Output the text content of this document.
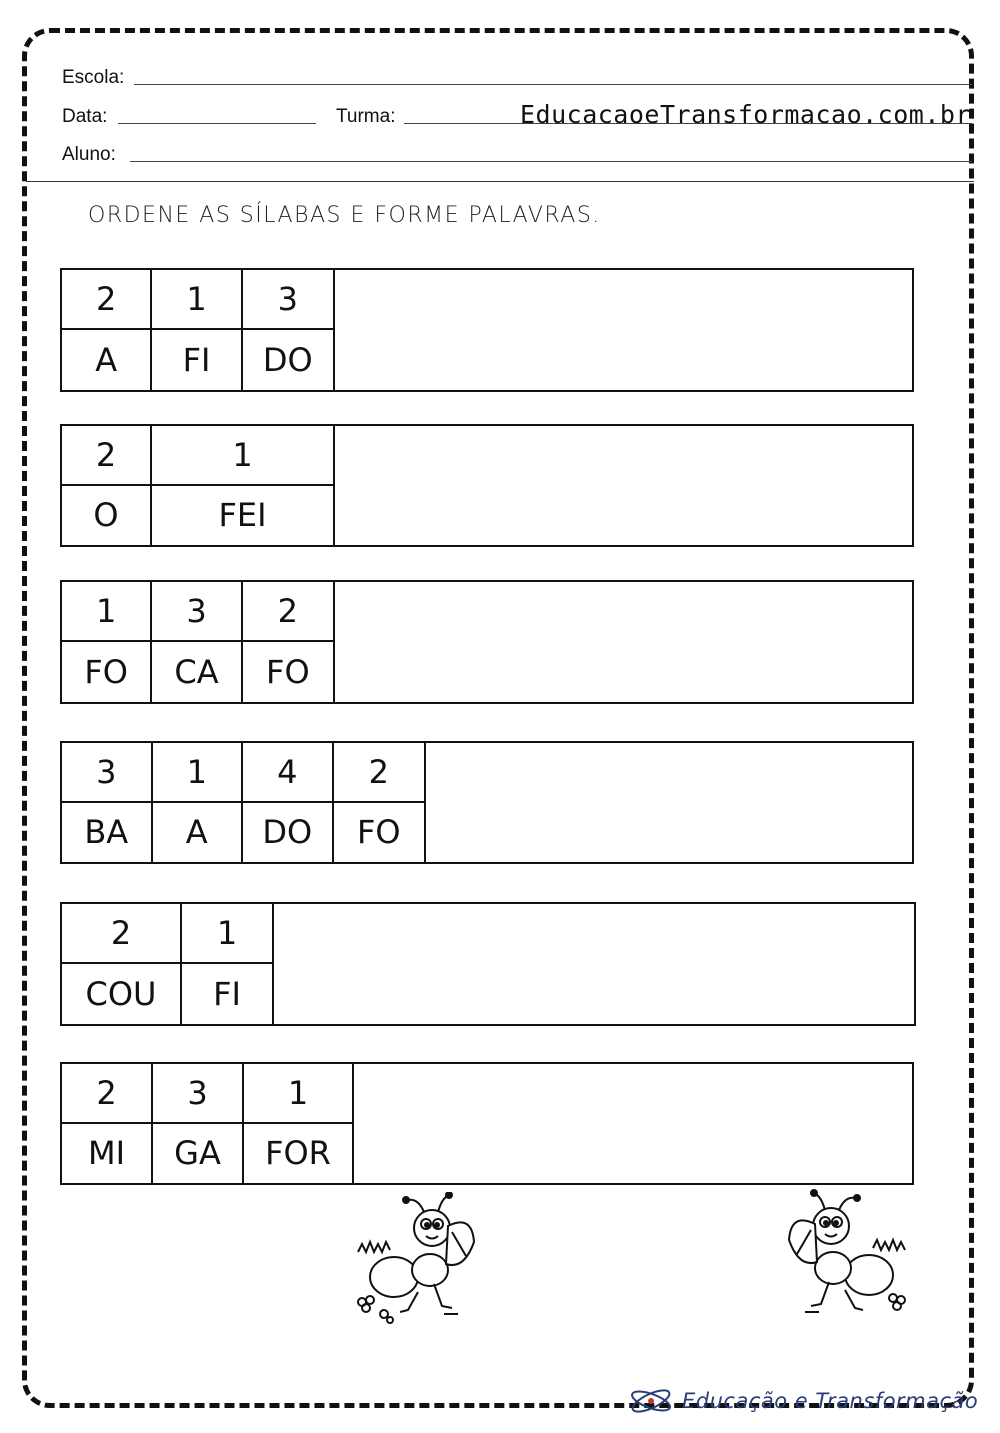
Escola:
Data:	Turma:	EducacaoeTransformacao.com.br
Aluno:
ORDENE AS SÍLABAS E FORME PALAVRAS.
2	1	3
A	FI	DO
2	1
O	FEI
1	3	2
FO	CA	FO
3	1	4	2
BA	A	DO	FO
2	1
COU	FI
2	3	1
MI	GA	FOR
Educação e Transformação
